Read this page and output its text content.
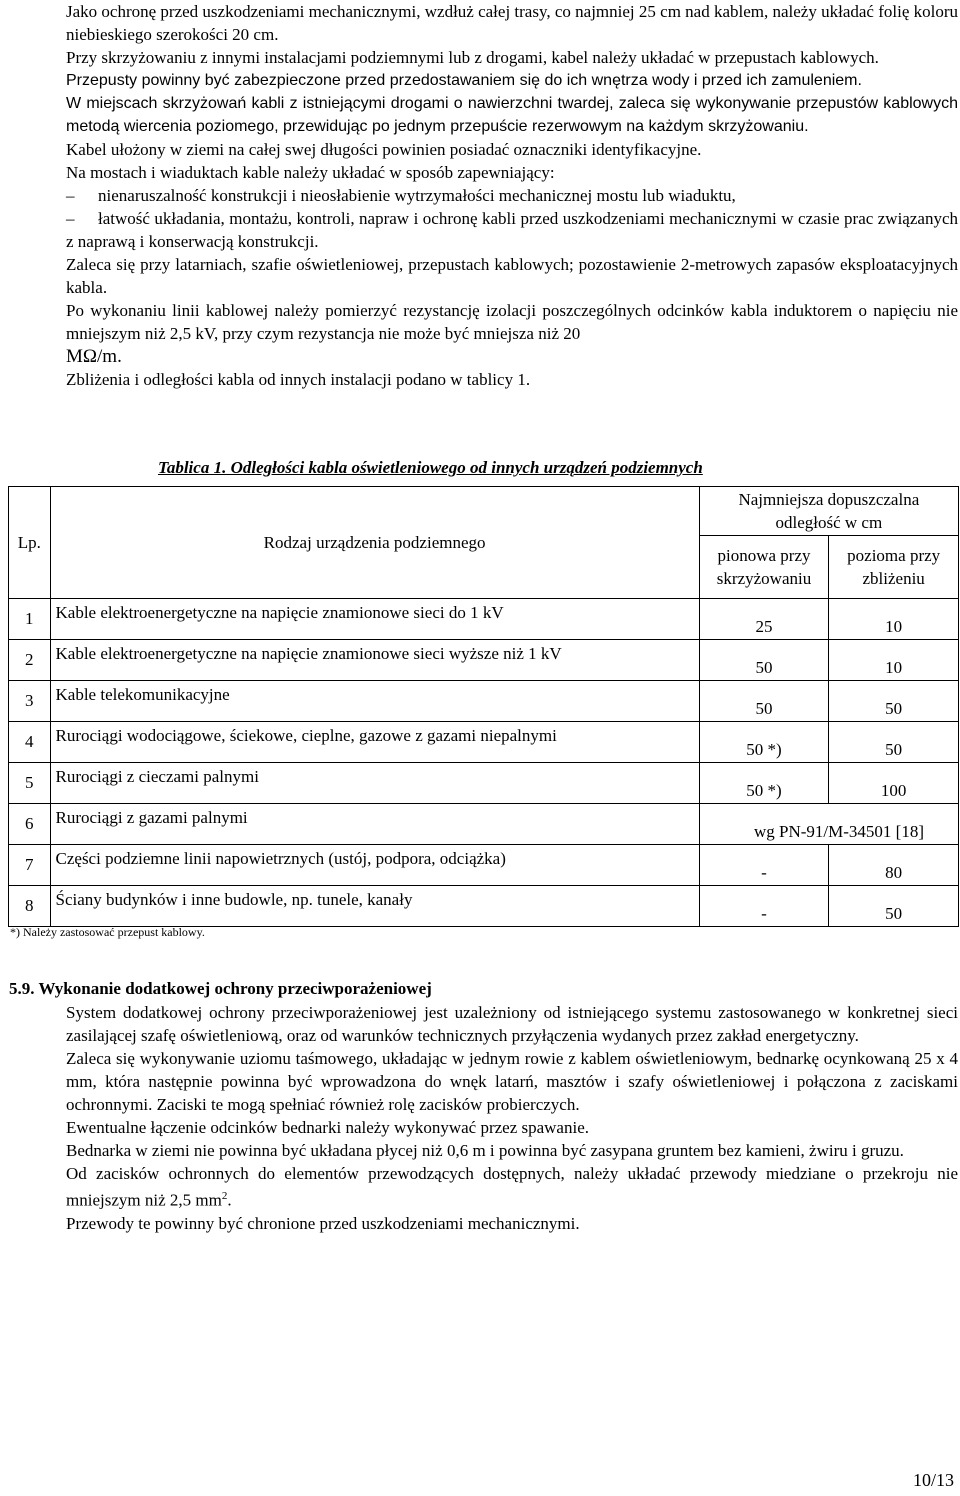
Jako ochronę przed uszkodzeniami mechanicznymi, wzdłuż całej trasy, co najmniej 25 cm nad kablem, należy układać folię koloru niebieskiego szerokości 20 cm.

Przy skrzyżowaniu z innymi instalacjami podziemnymi lub z drogami, kabel należy układać w przepustach kablowych.

Przepusty powinny być zabezpieczone przed przedostawaniem się do ich wnętrza wody i przed ich zamuleniem.

W miejscach skrzyżowań kabli z istniejącymi drogami o nawierzchni twardej, zaleca się wykonywanie przepustów kablowych metodą wiercenia poziomego, przewidując po jednym przepuście rezerwowym na każdym skrzyżowaniu.

Kabel ułożony w ziemi na całej swej długości powinien posiadać oznaczniki identyfikacyjne.

Na mostach i wiaduktach kable należy układać w sposób zapewniający:

– nienaruszalność konstrukcji i nieosłabienie wytrzymałości mechanicznej mostu lub wiaduktu,
– łatwość układania, montażu, kontroli, napraw i ochronę kabli przed uszkodzeniami mechanicznymi w czasie prac związanych z naprawą i konserwacją konstrukcji.

Zaleca się przy latarniach, szafie oświetleniowej, przepustach kablowych; pozostawienie 2-metrowych zapasów eksploatacyjnych kabla.

Po wykonaniu linii kablowej należy pomierzyć rezystancję izolacji poszczególnych odcinków kabla induktorem o napięciu nie mniejszym niż 2,5 kV, przy czym rezystancja nie może być mniejsza niż 20
MΩ/m.

Zbliżenia i odległości kabla od innych instalacji podano w tablicy 1.

Tablica 1. Odległości kabla oświetleniowego od innych urządzeń podziemnych
Lp.	Rodzaj urządzenia podziemnego	Najmniejsza dopuszczalna odległość w cm	
		pionowa przy skrzyżowaniu	pozioma przy zbliżeniu
1	Kable elektroenergetyczne na napięcie znamionowe sieci do 1 kV	25	10
2	Kable elektroenergetyczne na napięcie znamionowe sieci wyższe niż 1 kV	50	10
3	Kable telekomunikacyjne	50	50
4	Rurociągi wodociągowe, ściekowe, cieplne, gazowe z gazami niepalnymi	50 *)	50
5	Rurociągi z cieczami palnymi	50 *)	100
6	Rurociągi z gazami palnymi	wg PN-91/M-34501 [18]	
7	Części podziemne linii napowietrznych (ustój, podpora, odciążka)	-	80
8	Ściany budynków i inne budowle, np. tunele, kanały	-	50
*) Należy zastosować przepust kablowy.
5.9. Wykonanie dodatkowej ochrony przeciwporażeniowej

System dodatkowej ochrony przeciwporażeniowej jest uzależniony od istniejącego systemu zastosowanego w konkretnej sieci zasilającej szafę oświetleniową, oraz od warunków technicznych przyłączenia wydanych przez zakład energetyczny.

Zaleca się wykonywanie uziomu taśmowego, układając w jednym rowie z kablem oświetleniowym, bednarkę ocynkowaną 25 x 4 mm, która następnie powinna być wprowadzona do wnęk latarń, masztów i szafy oświetleniowej i połączona z zaciskami ochronnymi. Zaciski te mogą spełniać również rolę zacisków probierczych.

Ewentualne łączenie odcinków bednarki należy wykonywać przez spawanie.

Bednarka w ziemi nie powinna być układana płycej niż 0,6 m i powinna być zasypana gruntem bez kamieni, żwiru i gruzu.

Od zacisków ochronnych do elementów przewodzących dostępnych, należy układać przewody miedziane o przekroju nie mniejszym niż 2,5 $mm^2$.

Przewody te powinny być chronione przed uszkodzeniami mechanicznymi.

10/13
